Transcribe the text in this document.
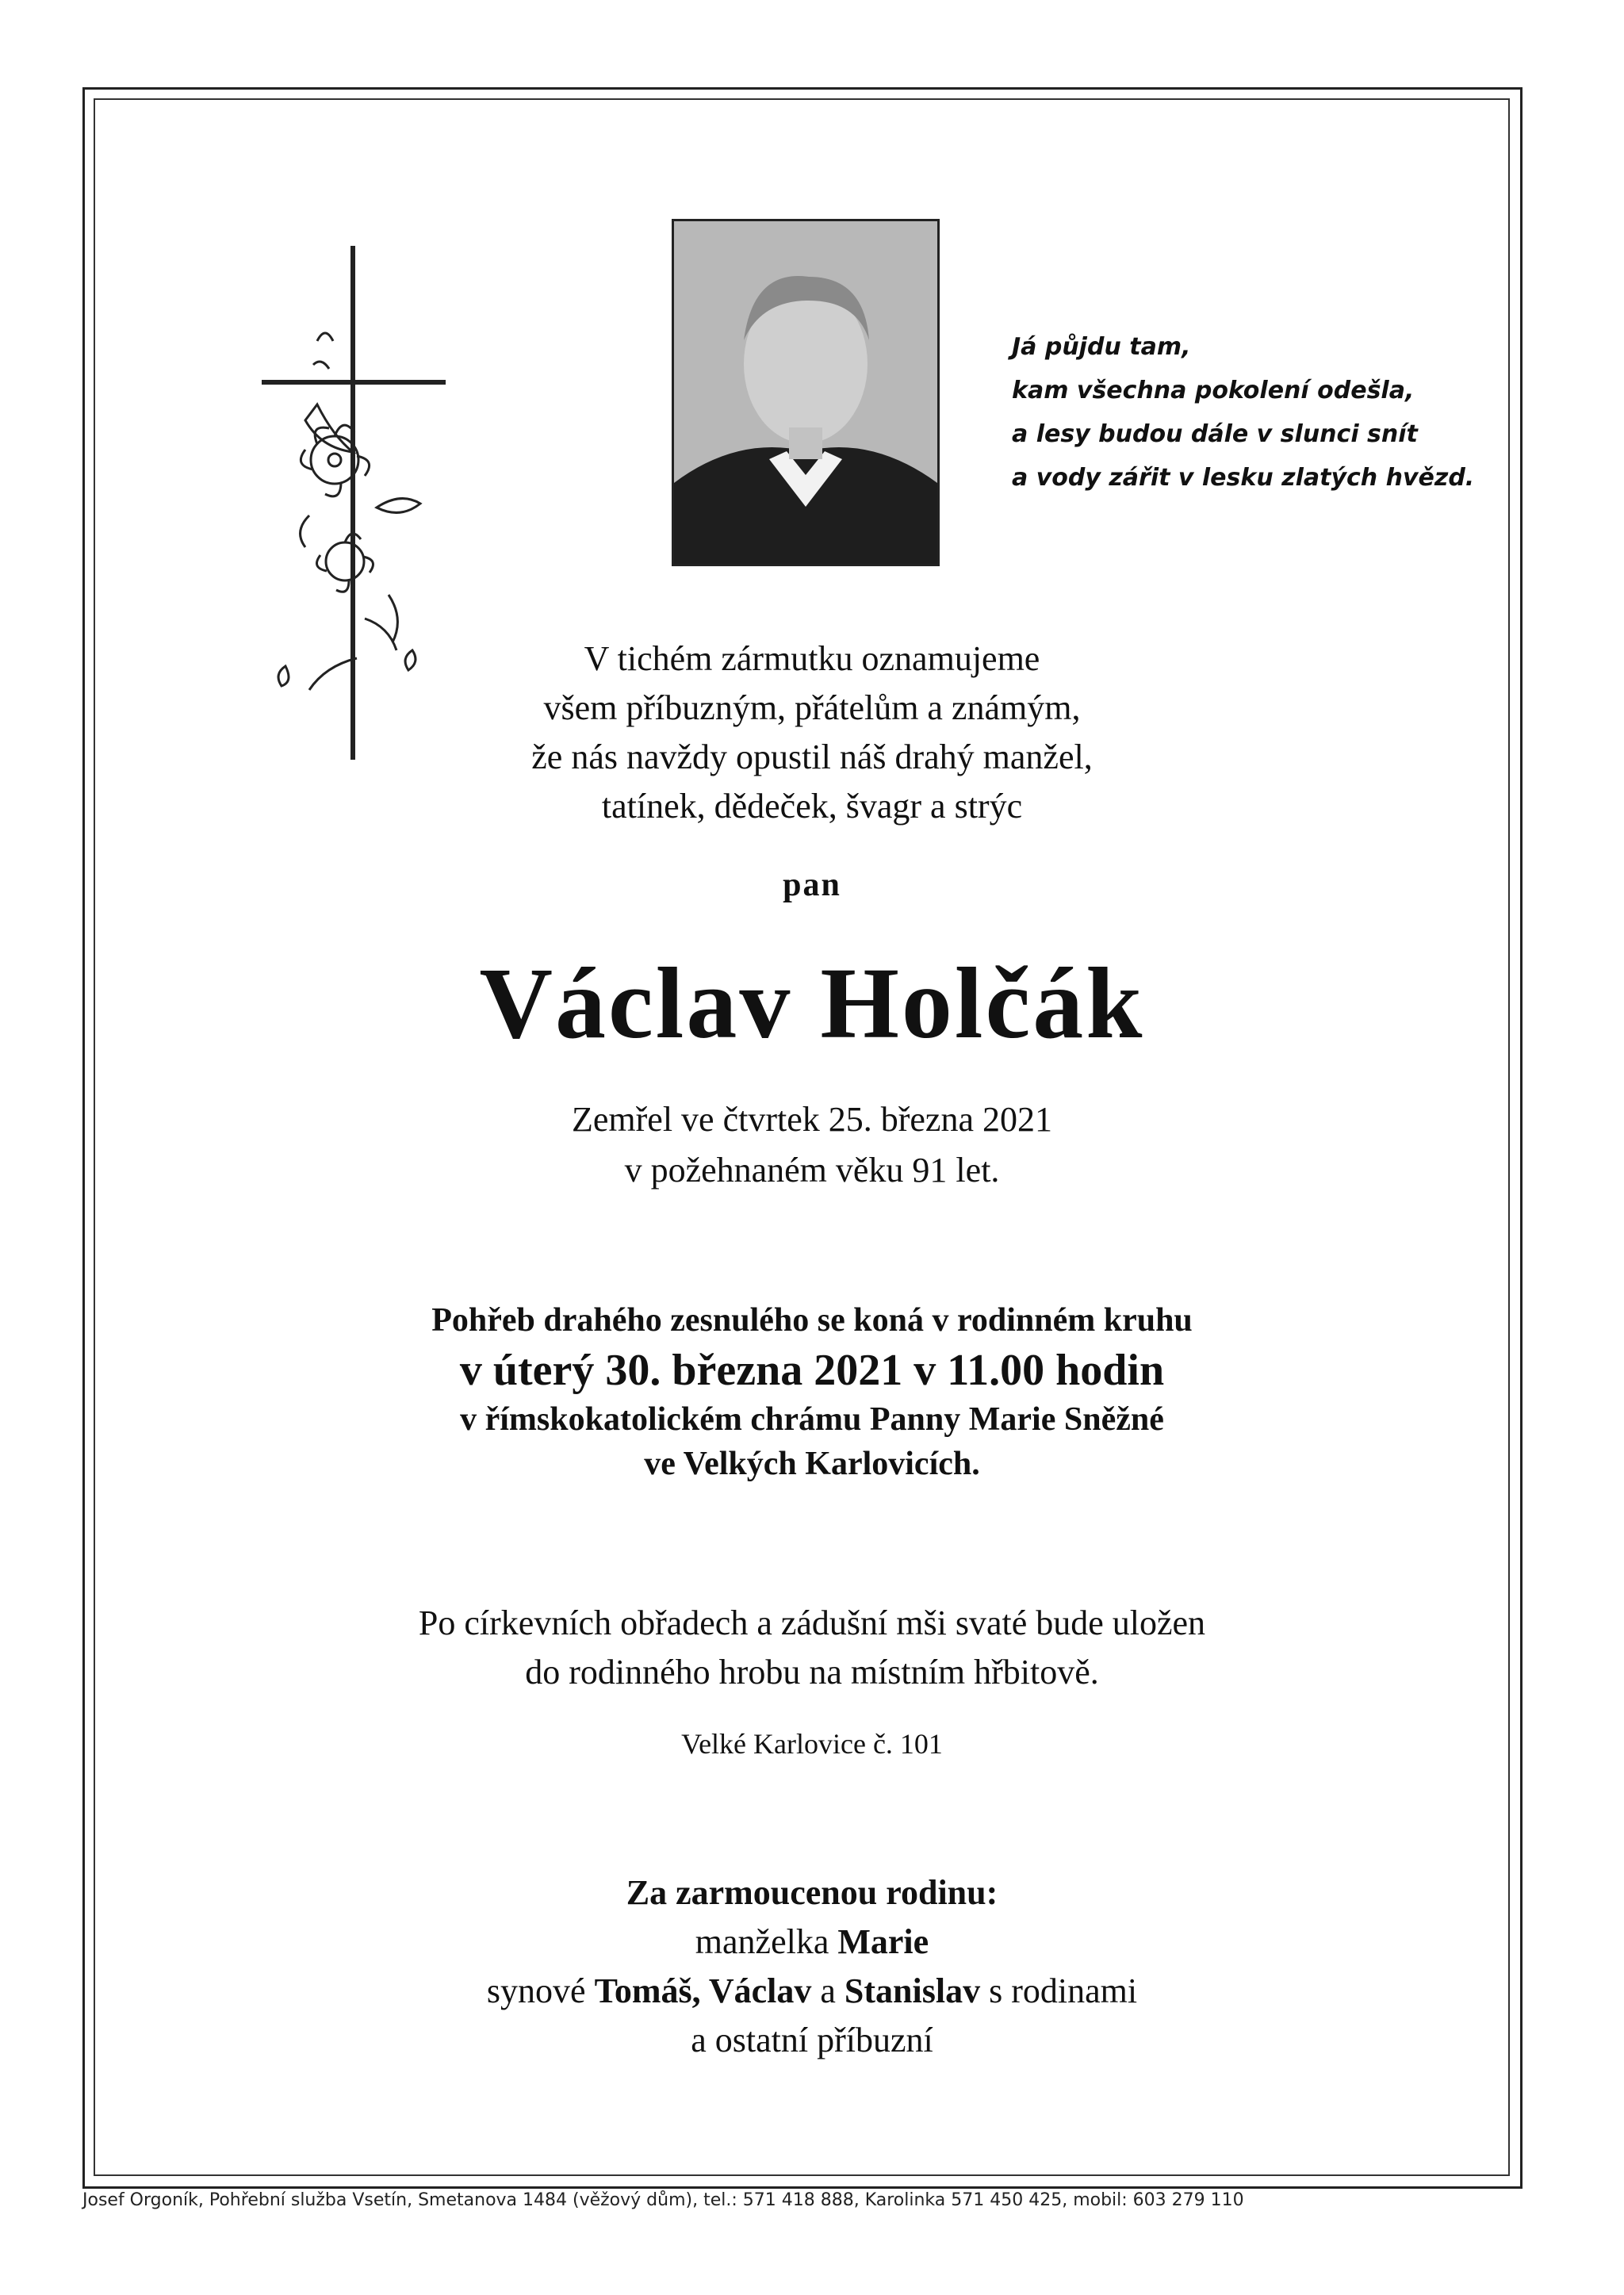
Já půjdu tam,
kam všechna pokolení odešla,
a lesy budou dále v slunci snít
a vody zářit v lesku zlatých hvězd.
V tichém zármutku oznamujeme
všem příbuzným, přátelům a známým,
že nás navždy opustil náš drahý manžel,
tatínek, dědeček, švagr a strýc
pan
Václav Holčák
Zemřel ve čtvrtek 25. března 2021
v požehnaném věku 91 let.
Pohřeb drahého zesnulého se koná v rodinném kruhu
v úterý 30. března 2021 v 11.00 hodin
v římskokatolickém chrámu Panny Marie Sněžné
ve Velkých Karlovicích.
Po církevních obřadech a zádušní mši svaté bude uložen
do rodinného hrobu na místním hřbitově.
Velké Karlovice č. 101
Za zarmoucenou rodinu:
manželka Marie
synové Tomáš, Václav a Stanislav s rodinami
a ostatní příbuzní
Josef Orgoník, Pohřební služba Vsetín, Smetanova 1484 (věžový dům), tel.: 571 418 888, Karolinka 571 450 425, mobil: 603 279 110
